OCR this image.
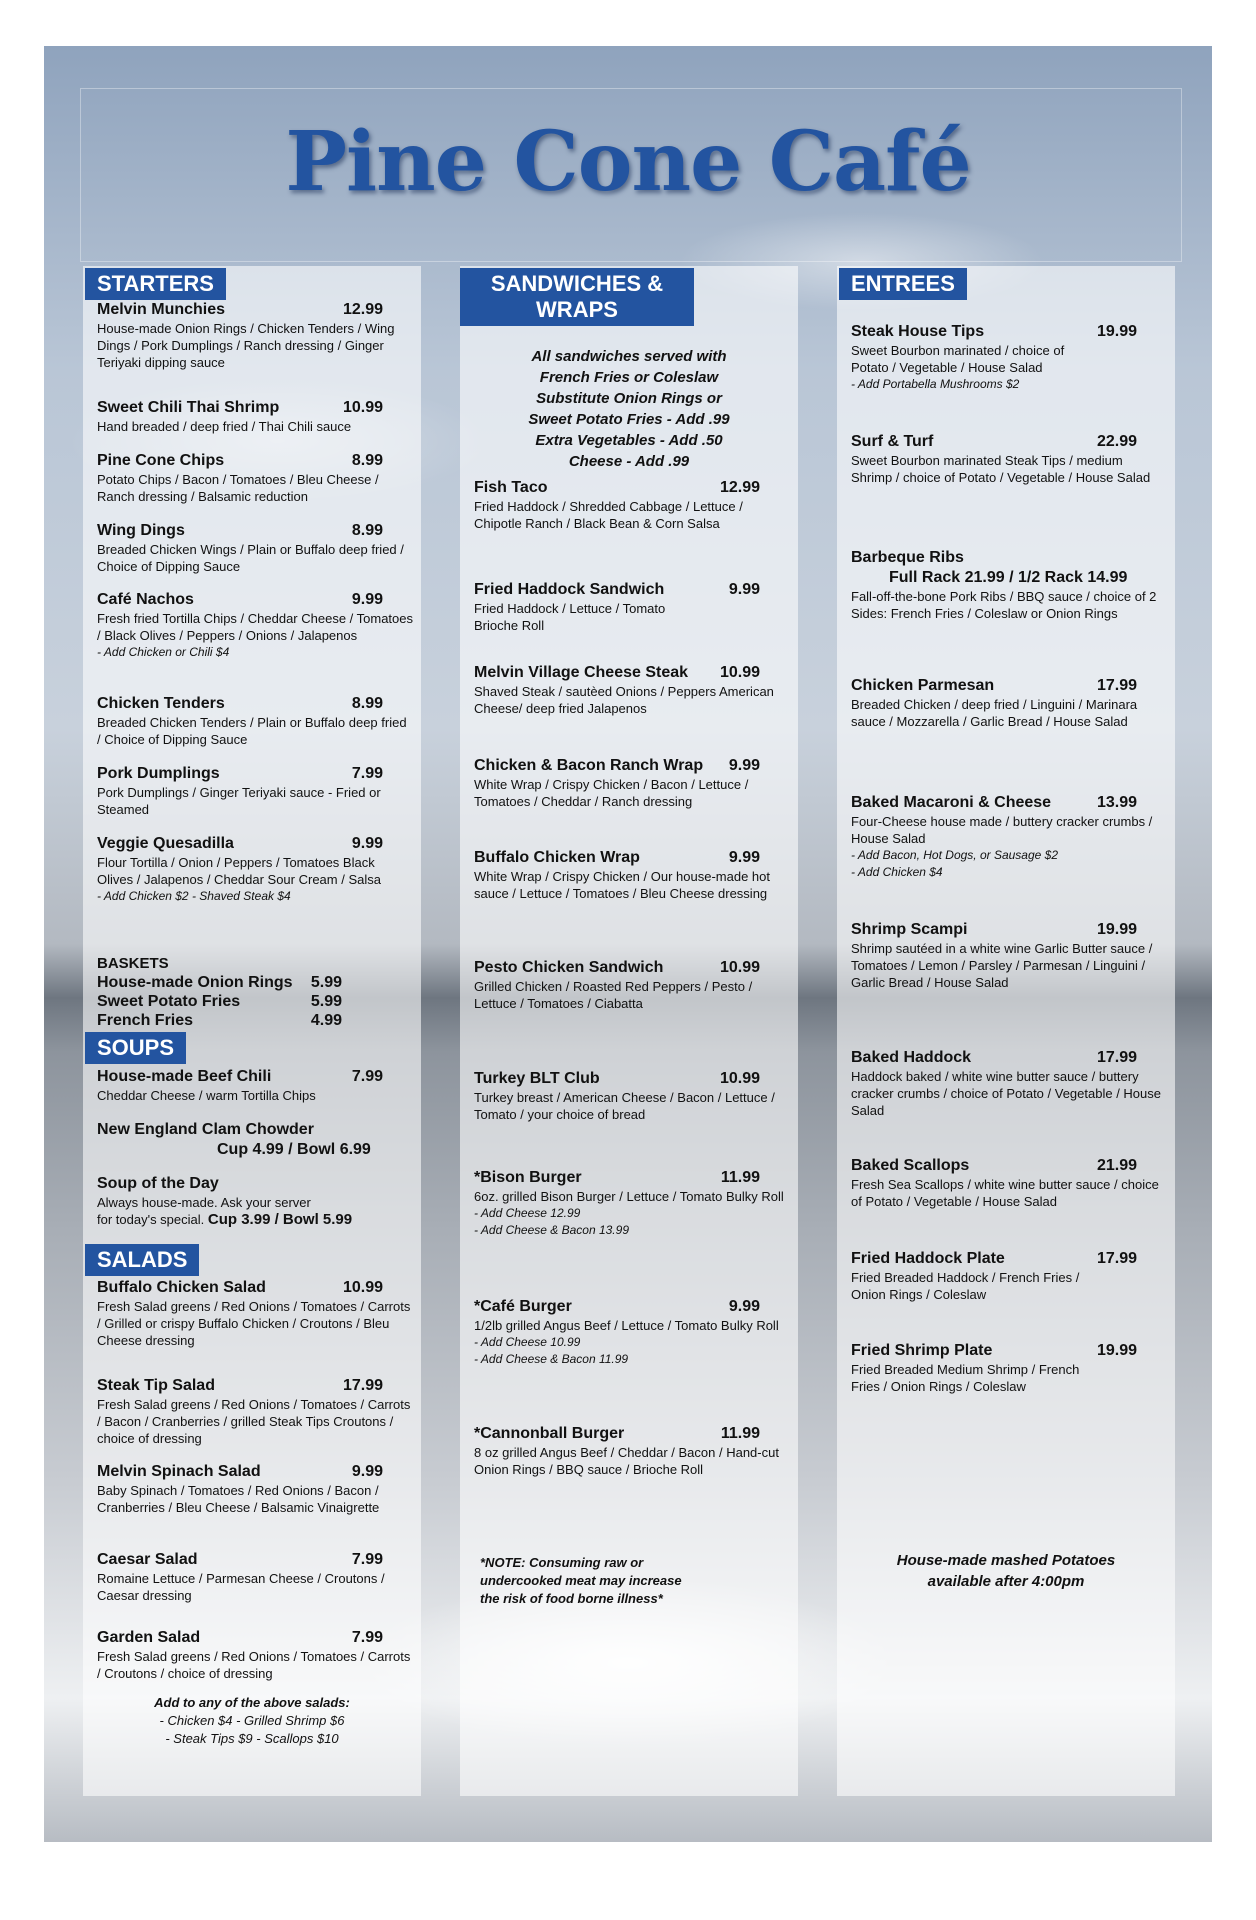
Pine Cone Café
STARTERS
Melvin Munchies	12.99
House-made Onion Rings / Chicken Tenders / Wing Dings / Pork Dumplings / Ranch dressing / Ginger Teriyaki dipping sauce
Sweet Chili Thai Shrimp	10.99
Hand breaded / deep fried / Thai Chili sauce
Pine Cone Chips	8.99
Potato Chips / Bacon / Tomatoes / Bleu Cheese / Ranch dressing / Balsamic reduction
Wing Dings	8.99
Breaded Chicken Wings / Plain or Buffalo deep fried / Choice of Dipping Sauce
Café Nachos	9.99
Fresh fried Tortilla Chips / Cheddar Cheese / Tomatoes / Black Olives / Peppers / Onions / Jalapenos
- Add Chicken or Chili $4
Chicken Tenders	8.99
Breaded Chicken Tenders / Plain or Buffalo deep fried / Choice of Dipping Sauce
Pork Dumplings	7.99
Pork Dumplings / Ginger Teriyaki sauce - Fried or Steamed
Veggie Quesadilla	9.99
Flour Tortilla / Onion / Peppers / Tomatoes Black Olives / Jalapenos / Cheddar Sour Cream / Salsa
- Add Chicken $2 - Shaved Steak $4
BASKETS
House-made Onion Rings 5.99
Sweet Potato Fries	5.99
French Fries	4.99
SOUPS
House-made Beef Chili	7.99
Cheddar Cheese / warm Tortilla Chips
New England Clam Chowder
Cup 4.99 / Bowl 6.99
Soup of the Day
Always house-made. Ask your server
for today's special. Cup 3.99 / Bowl 5.99
SALADS
Buffalo Chicken Salad	10.99
Fresh Salad greens / Red Onions / Tomatoes / Carrots / Grilled or crispy Buffalo Chicken / Croutons / Bleu Cheese dressing
Steak Tip Salad	17.99
Fresh Salad greens / Red Onions / Tomatoes / Carrots / Bacon / Cranberries / grilled Steak Tips Croutons / choice of dressing
Melvin Spinach Salad	9.99
Baby Spinach / Tomatoes / Red Onions / Bacon / Cranberries / Bleu Cheese / Balsamic Vinaigrette
Caesar Salad	7.99
Romaine Lettuce / Parmesan Cheese / Croutons / Caesar dressing
Garden Salad	7.99
Fresh Salad greens / Red Onions / Tomatoes / Carrots / Croutons / choice of dressing
Add to any of the above salads:
- Chicken $4 - Grilled Shrimp $6
- Steak Tips $9 - Scallops $10
SANDWICHES &
WRAPS
All sandwiches served with
French Fries or Coleslaw
Substitute Onion Rings or
Sweet Potato Fries - Add .99
Extra Vegetables - Add .50
Cheese - Add .99
Fish Taco	12.99
Fried Haddock / Shredded Cabbage / Lettuce / Chipotle Ranch / Black Bean & Corn Salsa
Fried Haddock Sandwich	9.99
Fried Haddock / Lettuce / Tomato Brioche Roll
Melvin Village Cheese Steak 10.99
Shaved Steak / sautèed Onions / Peppers American Cheese/ deep fried Jalapenos
Chicken & Bacon Ranch Wrap 9.99
White Wrap / Crispy Chicken / Bacon / Lettuce / Tomatoes / Cheddar / Ranch dressing
Buffalo Chicken Wrap	9.99
White Wrap / Crispy Chicken / Our house-made hot sauce / Lettuce / Tomatoes / Bleu Cheese dressing
Pesto Chicken Sandwich	10.99
Grilled Chicken / Roasted Red Peppers / Pesto / Lettuce / Tomatoes / Ciabatta
Turkey BLT Club	10.99
Turkey breast / American Cheese / Bacon / Lettuce / Tomato / your choice of bread
*Bison Burger	11.99
6oz. grilled Bison Burger / Lettuce / Tomato Bulky Roll
- Add Cheese 12.99
- Add Cheese & Bacon 13.99
*Café Burger	9.99
1/2lb grilled Angus Beef / Lettuce / Tomato Bulky Roll
- Add Cheese 10.99
- Add Cheese & Bacon 11.99
*Cannonball Burger	11.99
8 oz grilled Angus Beef / Cheddar / Bacon / Hand-cut Onion Rings / BBQ sauce / Brioche Roll
*NOTE: Consuming raw or
undercooked meat may increase
the risk of food borne illness*
ENTREES
Steak House Tips	19.99
Sweet Bourbon marinated / choice of Potato / Vegetable / House Salad
- Add Portabella Mushrooms $2
Surf & Turf	22.99
Sweet Bourbon marinated Steak Tips / medium Shrimp / choice of Potato / Vegetable / House Salad
Barbeque Ribs
Full Rack 21.99 / 1/2 Rack 14.99
Fall-off-the-bone Pork Ribs / BBQ sauce / choice of 2 Sides: French Fries / Coleslaw or Onion Rings
Chicken Parmesan	17.99
Breaded Chicken / deep fried / Linguini / Marinara sauce / Mozzarella / Garlic Bread / House Salad
Baked Macaroni & Cheese	13.99
Four-Cheese house made / buttery cracker crumbs / House Salad
- Add Bacon, Hot Dogs, or Sausage $2
- Add Chicken $4
Shrimp Scampi	19.99
Shrimp sautéed in a white wine Garlic Butter sauce / Tomatoes / Lemon / Parsley / Parmesan / Linguini / Garlic Bread / House Salad
Baked Haddock	17.99
Haddock baked / white wine butter sauce / buttery cracker crumbs / choice of Potato / Vegetable / House Salad
Baked Scallops	21.99
Fresh Sea Scallops / white wine butter sauce / choice of Potato / Vegetable / House Salad
Fried Haddock Plate	17.99
Fried Breaded Haddock / French Fries / Onion Rings / Coleslaw
Fried Shrimp Plate	19.99
Fried Breaded Medium Shrimp / French Fries / Onion Rings / Coleslaw
House-made mashed Potatoes
available after 4:00pm
